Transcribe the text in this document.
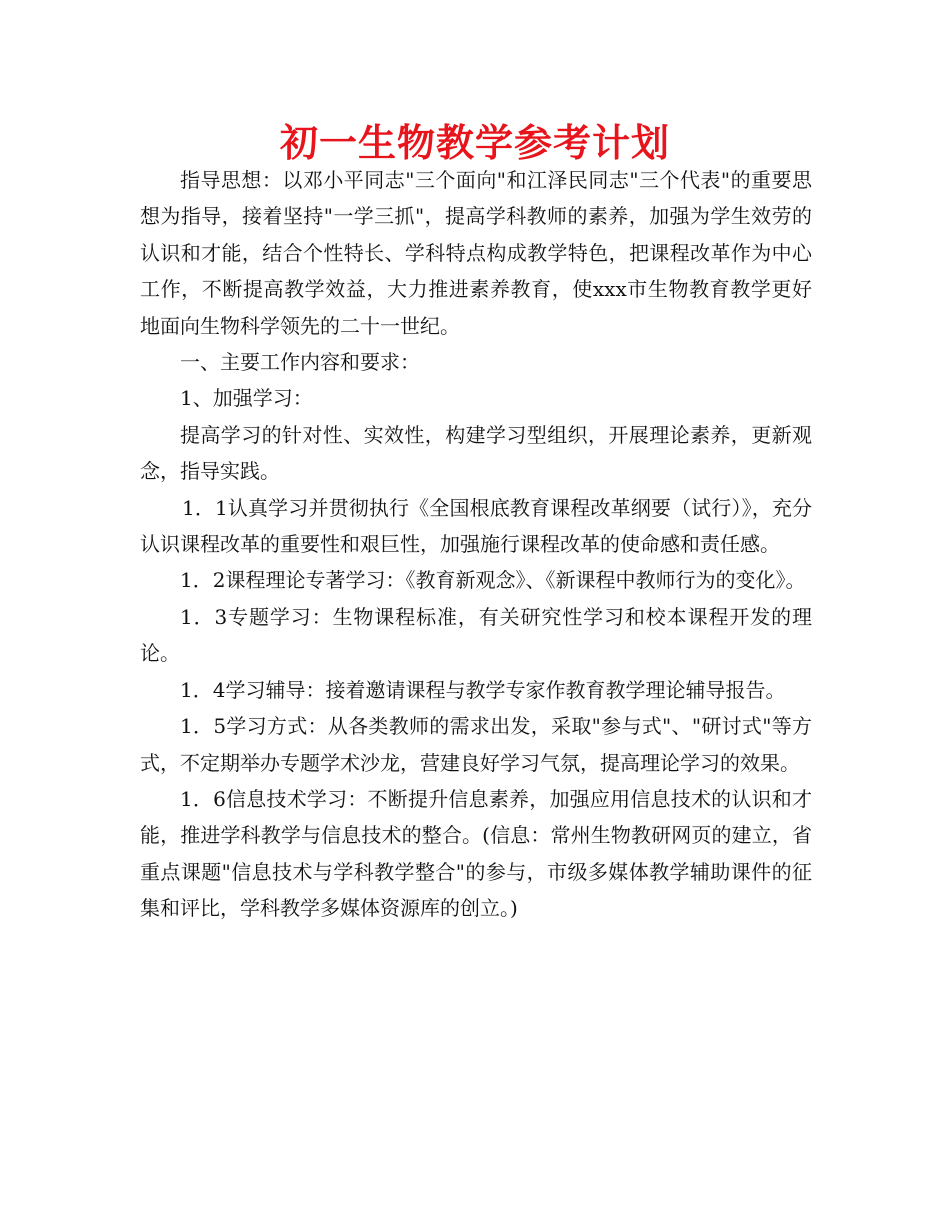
初一生物教学参考计划

指导思想：以邓小平同志"三个面向"和江泽民同志"三个代表"的重要思想为指导，接着坚持"一学三抓"，提高学科教师的素养，加强为学生效劳的认识和才能，结合个性特长、学科特点构成教学特色，把课程改革作为中心工作，不断提高教学效益，大力推进素养教育，使xxx市生物教育教学更好地面向生物科学领先的二十一世纪。

一、主要工作内容和要求：

1、加强学习：

提高学习的针对性、实效性，构建学习型组织，开展理论素养，更新观念，指导实践。

1．1认真学习并贯彻执行《全国根底教育课程改革纲要（试行）》，充分认识课程改革的重要性和艰巨性，加强施行课程改革的使命感和责任感。

1．2课程理论专著学习：《教育新观念》、《新课程中教师行为的变化》。

1．3专题学习：生物课程标准，有关研究性学习和校本课程开发的理论。

1．4学习辅导：接着邀请课程与教学专家作教育教学理论辅导报告。

1．5学习方式：从各类教师的需求出发，采取"参与式"、"研讨式"等方式，不定期举办专题学术沙龙，营建良好学习气氛，提高理论学习的效果。

1．6信息技术学习：不断提升信息素养，加强应用信息技术的认识和才能，推进学科教学与信息技术的整合。(信息：常州生物教研网页的建立，省重点课题"信息技术与学科教学整合"的参与，市级多媒体教学辅助课件的征集和评比，学科教学多媒体资源库的创立。)
